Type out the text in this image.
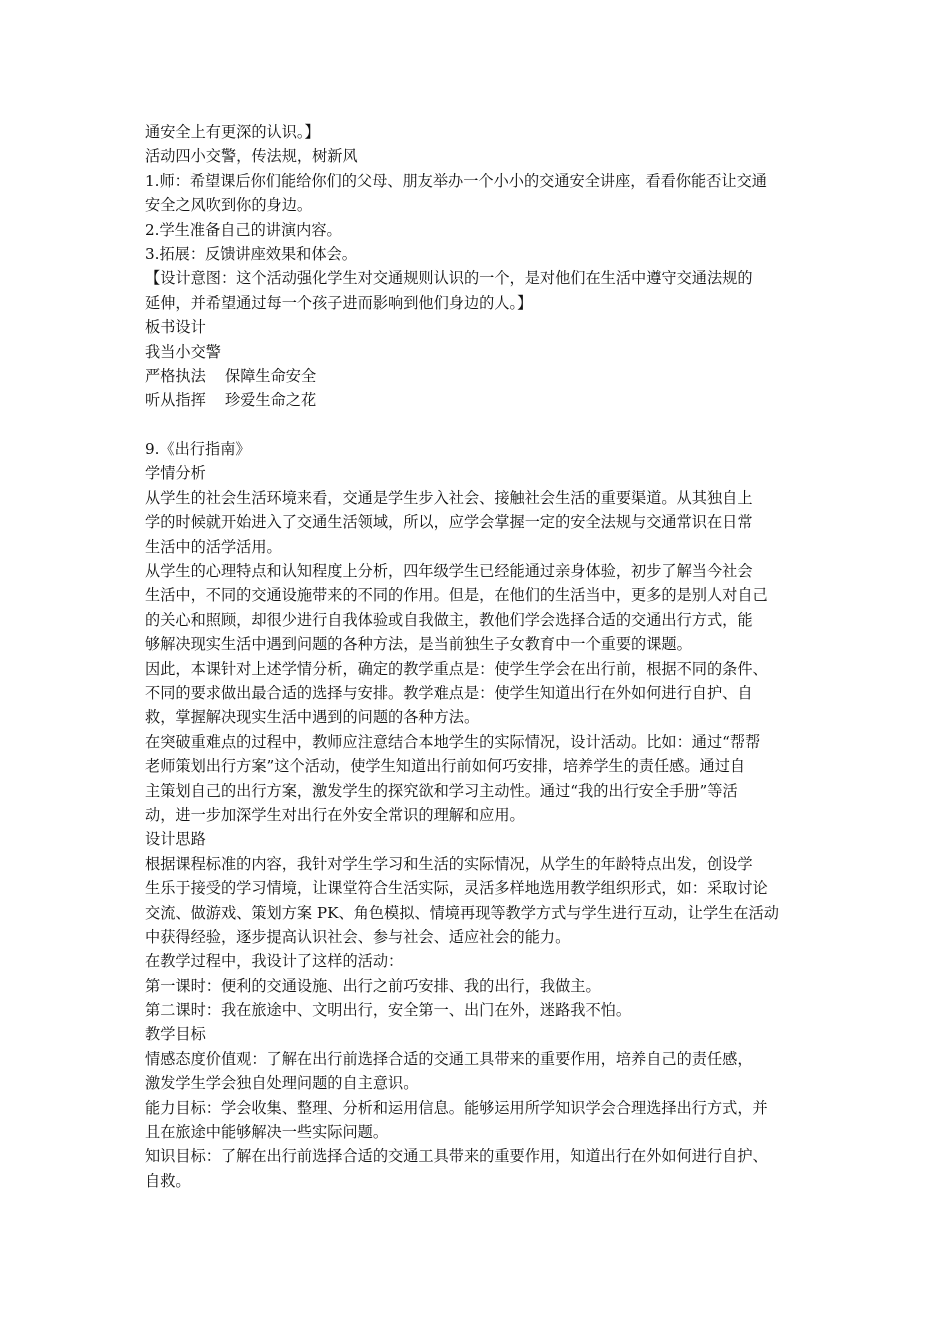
通安全上有更深的认识。】
活动四小交警，传法规，树新风
1.师：希望课后你们能给你们的父母、朋友举办一个小小的交通安全讲座，看看你能否让交通
安全之风吹到你的身边。
2.学生准备自己的讲演内容。
3.拓展：反馈讲座效果和体会。
【设计意图：这个活动强化学生对交通规则认识的一个，是对他们在生活中遵守交通法规的
延伸，并希望通过每一个孩子进而影响到他们身边的人。】
板书设计
我当小交警
严格执法    保障生命安全
听从指挥    珍爱生命之花
9.《出行指南》
学情分析
从学生的社会生活环境来看，交通是学生步入社会、接触社会生活的重要渠道。从其独自上
学的时候就开始进入了交通生活领域，所以，应学会掌握一定的安全法规与交通常识在日常
生活中的活学活用。
从学生的心理特点和认知程度上分析，四年级学生已经能通过亲身体验，初步了解当今社会
生活中，不同的交通设施带来的不同的作用。但是，在他们的生活当中，更多的是别人对自己
的关心和照顾，却很少进行自我体验或自我做主，教他们学会选择合适的交通出行方式，能
够解决现实生活中遇到问题的各种方法，是当前独生子女教育中一个重要的课题。
因此，本课针对上述学情分析，确定的教学重点是：使学生学会在出行前，根据不同的条件、
不同的要求做出最合适的选择与安排。教学难点是：使学生知道出行在外如何进行自护、自
救，掌握解决现实生活中遇到的问题的各种方法。
在突破重难点的过程中，教师应注意结合本地学生的实际情况，设计活动。比如：通过“帮帮
老师策划出行方案”这个活动，使学生知道出行前如何巧安排，培养学生的责任感。通过自
主策划自己的出行方案，激发学生的探究欲和学习主动性。通过“我的出行安全手册”等活
动，进一步加深学生对出行在外安全常识的理解和应用。
设计思路
根据课程标准的内容，我针对学生学习和生活的实际情况，从学生的年龄特点出发，创设学
生乐于接受的学习情境，让课堂符合生活实际，灵活多样地选用教学组织形式，如：采取讨论
交流、做游戏、策划方案 PK、角色模拟、情境再现等教学方式与学生进行互动，让学生在活动
中获得经验，逐步提高认识社会、参与社会、适应社会的能力。
在教学过程中，我设计了这样的活动：
第一课时：便利的交通设施、出行之前巧安排、我的出行，我做主。
第二课时：我在旅途中、文明出行，安全第一、出门在外，迷路我不怕。
教学目标
情感态度价值观：了解在出行前选择合适的交通工具带来的重要作用，培养自己的责任感，
激发学生学会独自处理问题的自主意识。
能力目标：学会收集、整理、分析和运用信息。能够运用所学知识学会合理选择出行方式，并
且在旅途中能够解决一些实际问题。
知识目标：了解在出行前选择合适的交通工具带来的重要作用，知道出行在外如何进行自护、
自救。
